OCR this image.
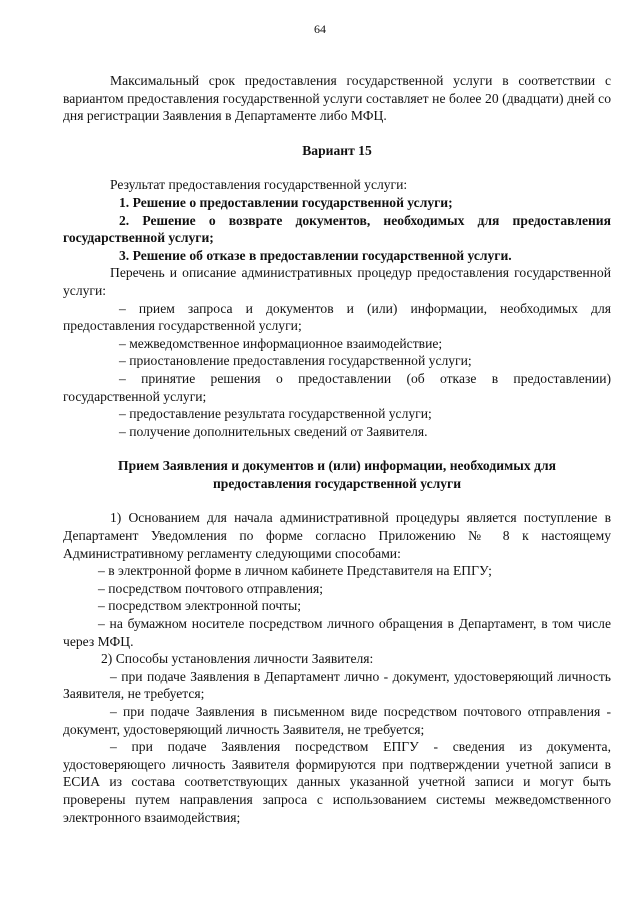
64

Максимальный срок предоставления государственной услуги в соответствии с вариантом предоставления государственной услуги составляет не более 20 (двадцати) дней со дня регистрации Заявления в Департаменте либо МФЦ.

Вариант 15

Результат предоставления государственной услуги:

1. Решение о предоставлении государственной услуги;

2. Решение о возврате документов, необходимых для предоставления государственной услуги;

3. Решение об отказе в предоставлении государственной услуги.

Перечень и описание административных процедур предоставления государственной услуги:

– прием запроса и документов и (или) информации, необходимых для предоставления государственной услуги;

– межведомственное информационное взаимодействие;

– приостановление предоставления государственной услуги;

– принятие решения о предоставлении (об отказе в предоставлении) государственной услуги;

– предоставление результата государственной услуги;

– получение дополнительных сведений от Заявителя.

Прием Заявления и документов и (или) информации, необходимых для предоставления государственной услуги

1) Основанием для начала административной процедуры является поступление в Департамент Уведомления по форме согласно Приложению № 8 к настоящему Административному регламенту следующими способами:

– в электронной форме в личном кабинете Представителя на ЕПГУ;

– посредством почтового отправления;

– посредством электронной почты;

– на бумажном носителе посредством личного обращения в Департамент, в том числе через МФЦ.

2) Способы установления личности Заявителя:

– при подаче Заявления в Департамент лично - документ, удостоверяющий личность Заявителя, не требуется;

– при подаче Заявления в письменном виде посредством почтового отправления - документ, удостоверяющий личность Заявителя, не требуется;

– при подаче Заявления посредством ЕПГУ - сведения из документа, удостоверяющего личность Заявителя формируются при подтверждении учетной записи в ЕСИА из состава соответствующих данных указанной учетной записи и могут быть проверены путем направления запроса с использованием системы межведомственного электронного взаимодействия;
